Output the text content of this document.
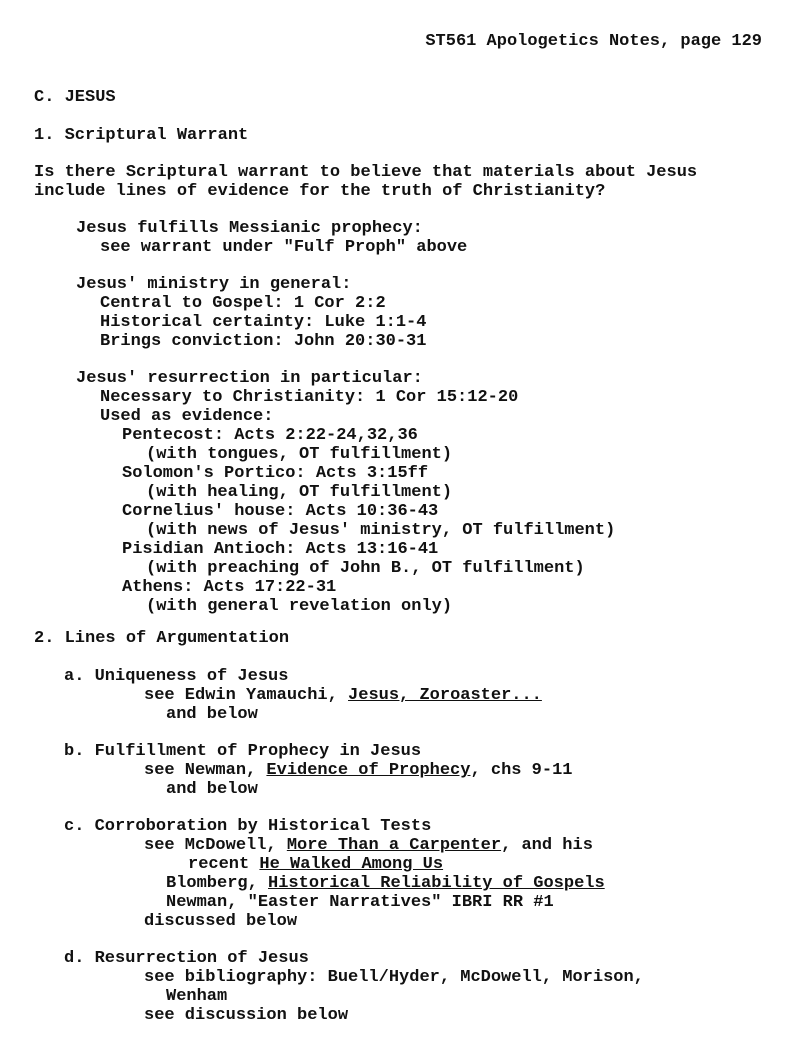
ST561 Apologetics Notes, page 129
C. JESUS
1. Scriptural Warrant
Is there Scriptural warrant to believe that materials about Jesus
include lines of evidence for the truth of Christianity?
Jesus fulfills Messianic prophecy:
see warrant under "Fulf Proph" above
Jesus' ministry in general:
Central to Gospel: 1 Cor 2:2
Historical certainty: Luke 1:1-4
Brings conviction: John 20:30-31
Jesus' resurrection in particular:
Necessary to Christianity: 1 Cor 15:12-20
Used as evidence:
Pentecost: Acts 2:22-24,32,36
(with tongues, OT fulfillment)
Solomon's Portico: Acts 3:15ff
(with healing, OT fulfillment)
Cornelius' house: Acts 10:36-43
(with news of Jesus' ministry, OT fulfillment)
Pisidian Antioch: Acts 13:16-41
(with preaching of John B., OT fulfillment)
Athens: Acts 17:22-31
(with general revelation only)
2. Lines of Argumentation
a. Uniqueness of Jesus
see Edwin Yamauchi, Jesus, Zoroaster...
and below
b. Fulfillment of Prophecy in Jesus
see Newman, Evidence of Prophecy, chs 9-11
and below
c. Corroboration by Historical Tests
see McDowell, More Than a Carpenter, and his
recent He Walked Among Us
Blomberg, Historical Reliability of Gospels
Newman, "Easter Narratives" IBRI RR #1
discussed below
d. Resurrection of Jesus
see bibliography: Buell/Hyder, McDowell, Morison,
Wenham
see discussion below
